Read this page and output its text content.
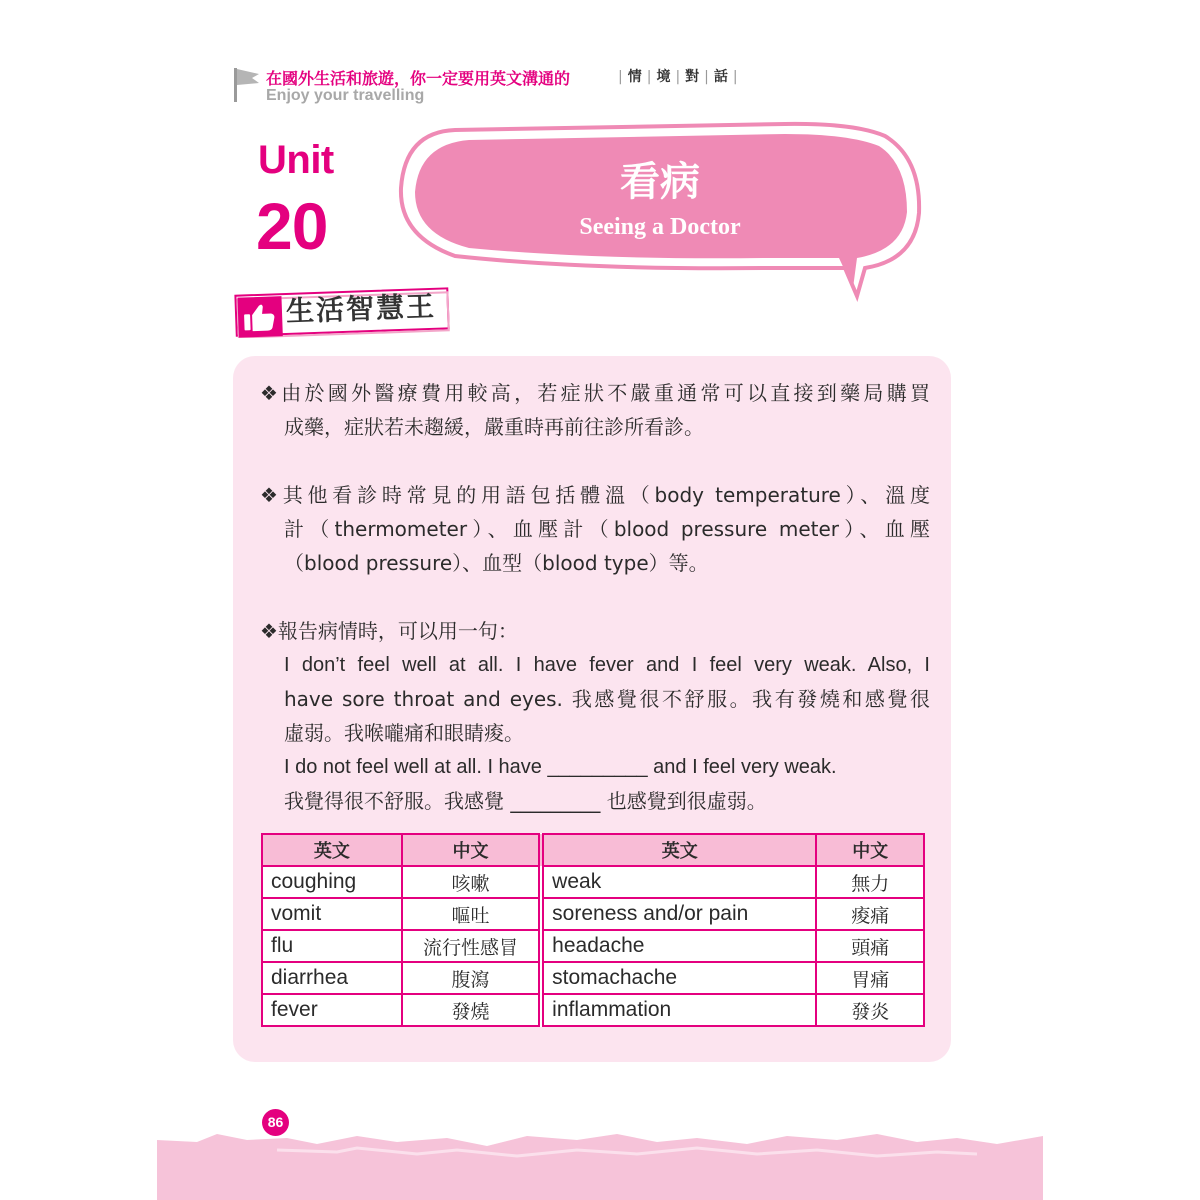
在國外生活和旅遊，你一定要用英文溝通的	| 情 | 境 | 對 | 話 |
Enjoy your travelling
Unit
20
看病
Seeing a Doctor
生活智慧王
❖由於國外醫療費用較高，若症狀不嚴重通常可以直接到藥局購買
成藥，症狀若未趨緩，嚴重時再前往診所看診。
❖其他看診時常見的用語包括體溫（body temperature）、溫度
計（thermometer）、血壓計（blood pressure meter）、血壓
（blood pressure）、血型（blood type）等。
❖報告病情時，可以用一句：
I don’t feel well at all. I have fever and I feel very weak. Also, I
have sore throat and eyes. 我感覺很不舒服。我有發燒和感覺很
虛弱。我喉嚨痛和眼睛痠。
I do not feel well at all. I have _________ and I feel very weak.
我覺得很不舒服。我感覺 _________ 也感覺到很虛弱。
英文	中文	英文	中文
coughing	咳嗽	weak	無力
vomit	嘔吐	soreness and/or pain	痠痛
flu	流行性感冒	headache	頭痛
diarrhea	腹瀉	stomachache	胃痛
fever	發燒	inflammation	發炎
86
